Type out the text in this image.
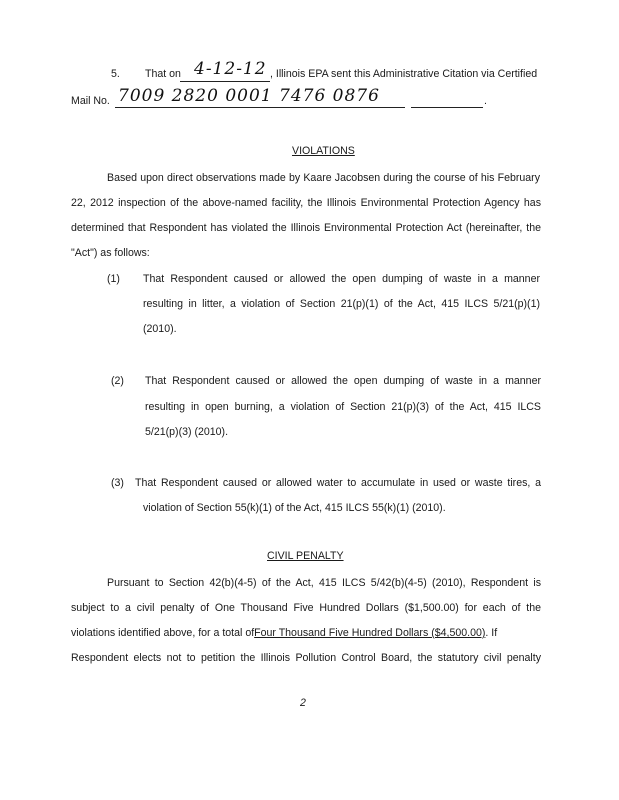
5. That on 4-12-12 , Illinois EPA sent this Administrative Citation via Certified
Mail No. 7009 2820 0001 7476 0876	.
VIOLATIONS
Based upon direct observations made by Kaare Jacobsen during the course of his February
22, 2012 inspection of the above-named facility, the Illinois Environmental Protection Agency has
determined that Respondent has violated the Illinois Environmental Protection Act (hereinafter, the
"Act") as follows:
(1) That Respondent caused or allowed the open dumping of waste in a manner
resulting in litter, a violation of Section 21(p)(1) of the Act, 415 ILCS 5/21(p)(1)
(2010).
(2) That Respondent caused or allowed the open dumping of waste in a manner
resulting in open burning, a violation of Section 21(p)(3) of the Act, 415 ILCS
5/21(p)(3) (2010).
(3) That Respondent caused or allowed water to accumulate in used or waste tires, a
violation of Section 55(k)(1) of the Act, 415 ILCS 55(k)(1) (2010).
CIVIL PENALTY
Pursuant to Section 42(b)(4-5) of the Act, 415 ILCS 5/42(b)(4-5) (2010), Respondent is
subject to a civil penalty of One Thousand Five Hundred Dollars ($1,500.00) for each of the
violations identified above, for a total ofFour Thousand Five Hundred Dollars ($4,500.00). If
Respondent elects not to petition the Illinois Pollution Control Board, the statutory civil penalty
2
